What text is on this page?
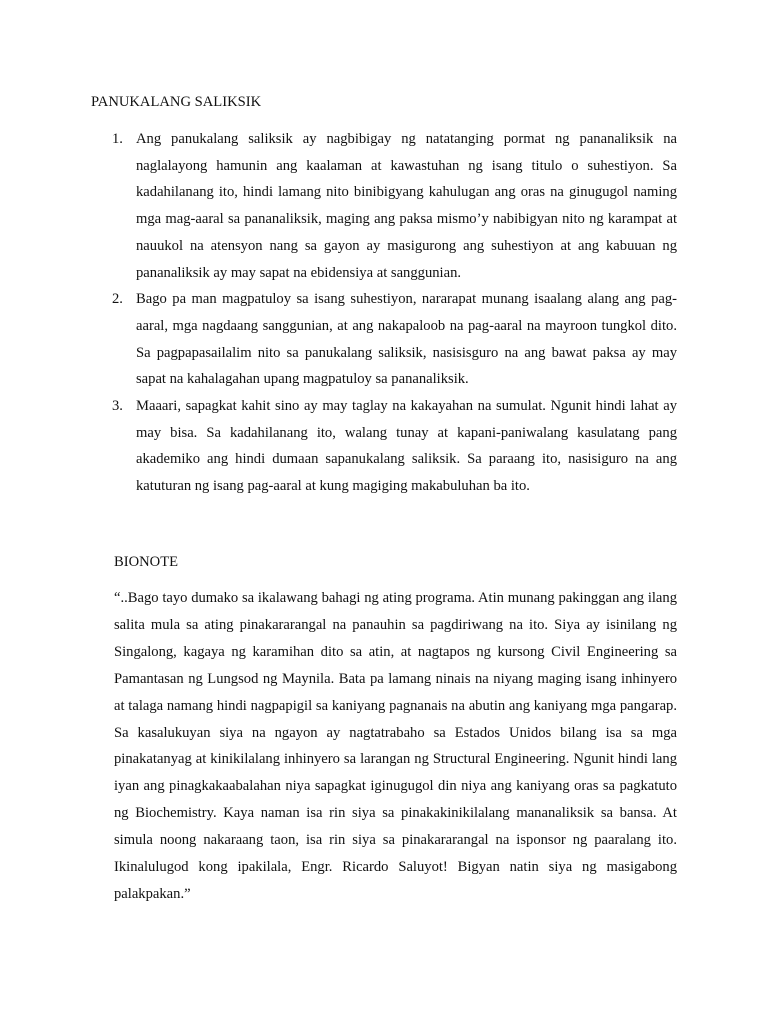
PANUKALANG SALIKSIK
1. Ang panukalang saliksik ay nagbibigay ng natatanging pormat ng pananaliksik na naglalayong hamunin ang kaalaman at kawastuhan ng isang titulo o suhestiyon. Sa kadahilanang ito, hindi lamang nito binibigyang kahulugan ang oras na ginugugol naming mga mag-aaral sa pananaliksik, maging ang paksa mismo’y nabibigyan nito ng karampat at nauukol na atensyon nang sa gayon ay masigurong ang suhestiyon at ang kabuuan ng pananaliksik ay may sapat na ebidensiya at sanggunian.
2. Bago pa man magpatuloy sa isang suhestiyon, nararapat munang isaalang alang ang pag-aaral, mga nagdaang sanggunian, at ang nakapaloob na pag-aaral na mayroon tungkol dito. Sa pagpapasailalim nito sa panukalang saliksik, nasisisguro na ang bawat paksa ay may sapat na kahalagahan upang magpatuloy sa pananaliksik.
3. Maaari, sapagkat kahit sino ay may taglay na kakayahan na sumulat. Ngunit hindi lahat ay may bisa. Sa kadahilanang ito, walang tunay at kapani-paniwalang kasulatang pang akademiko ang hindi dumaan sapanukalang saliksik. Sa paraang ito, nasisiguro na ang katuturan ng isang pag-aaral at kung magiging makabuluhan ba ito.
BIONOTE

“..Bago tayo dumako sa ikalawang bahagi ng ating programa. Atin munang pakinggan ang ilang salita mula sa ating pinakararangal na panauhin sa pagdiriwang na ito. Siya ay isinilang ng Singalong, kagaya ng karamihan dito sa atin, at nagtapos ng kursong Civil Engineering sa Pamantasan ng Lungsod ng Maynila. Bata pa lamang ninais na niyang maging isang inhinyero at talaga namang hindi nagpapigil sa kaniyang pagnanais na abutin ang kaniyang mga pangarap. Sa kasalukuyan siya na ngayon ay nagtatrabaho sa Estados Unidos bilang isa sa mga pinakatanyag at kinikilalang inhinyero sa larangan ng Structural Engineering. Ngunit hindi lang iyan ang pinagkakaabalahan niya sapagkat iginugugol din niya ang kaniyang oras sa pagkatuto ng Biochemistry. Kaya naman isa rin siya sa pinakakinikilalang mananaliksik sa bansa. At simula noong nakaraang taon, isa rin siya sa pinakararangal na isponsor ng paaralang ito. Ikinalulugod kong ipakilala, Engr. Ricardo Saluyot! Bigyan natin siya ng masigabong palakpakan.”
